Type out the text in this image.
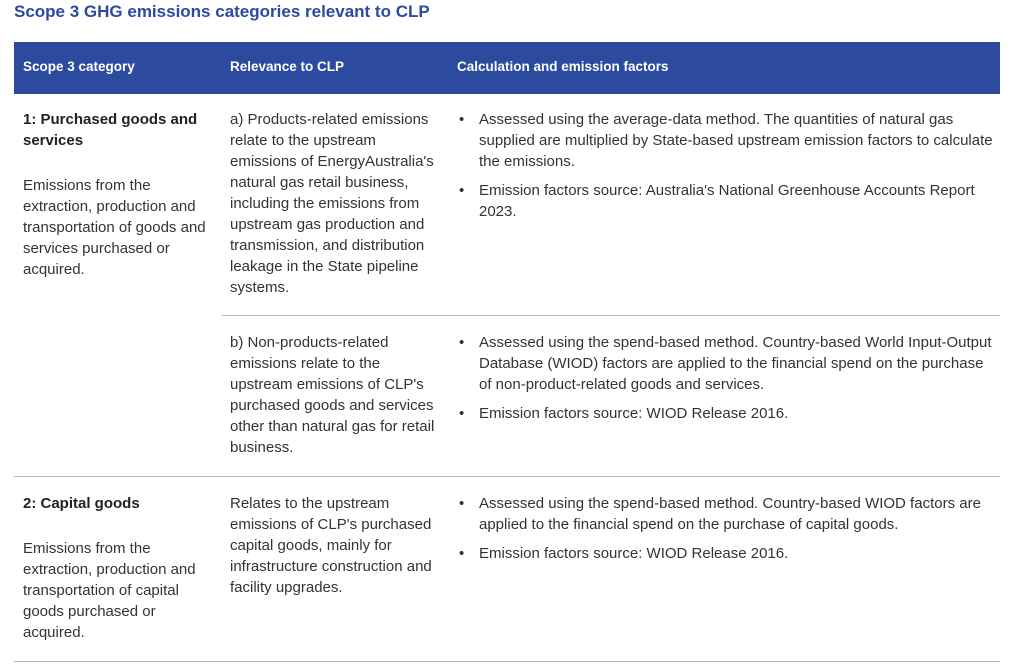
Scope 3 GHG emissions categories relevant to CLP
Scope 3 category	Relevance to CLP	Calculation and emission factors
1: Purchased goods and services
Emissions from the extraction, production and transportation of goods and services purchased or acquired.
a) Products-related emissions relate to the upstream emissions of EnergyAustralia's natural gas retail business, including the emissions from upstream gas production and transmission, and distribution leakage in the State pipeline systems.
• Assessed using the average-data method. The quantities of natural gas supplied are multiplied by State-based upstream emission factors to calculate the emissions.
• Emission factors source: Australia's National Greenhouse Accounts Report 2023.
b) Non-products-related emissions relate to the upstream emissions of CLP's purchased goods and services other than natural gas for retail business.
• Assessed using the spend-based method. Country-based World Input-Output Database (WIOD) factors are applied to the financial spend on the purchase of non-product-related goods and services.
• Emission factors source: WIOD Release 2016.
2: Capital goods
Emissions from the extraction, production and transportation of capital goods purchased or acquired.
Relates to the upstream emissions of CLP's purchased capital goods, mainly for infrastructure construction and facility upgrades.
• Assessed using the spend-based method. Country-based WIOD factors are applied to the financial spend on the purchase of capital goods.
• Emission factors source: WIOD Release 2016.
